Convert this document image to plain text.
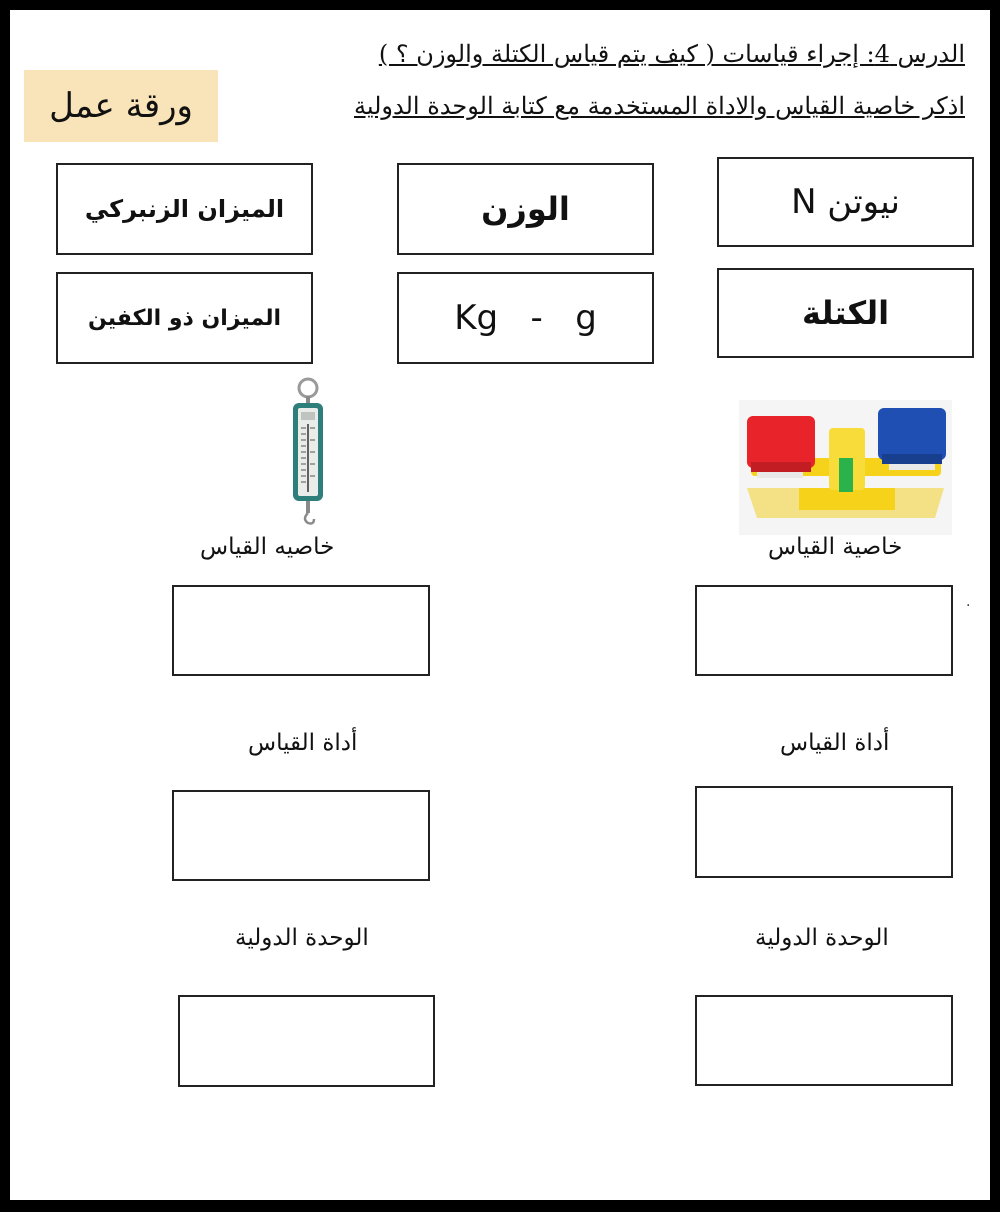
الدرس 4: إجراء قياسات ( كيف يتم قياس الكتلة والوزن ؟ )
اذكر خاصية القياس والاداة المستخدمة مع كتابة الوحدة الدولية
ورقة عمل
الميزان الزنبركي	الوزن	نيوتن N
الميزان ذو الكفين	Kg   -   g	الكتلة
خاصيه القياس
أداة القياس
الوحدة الدولية
خاصية القياس
.
أداة القياس
الوحدة الدولية
